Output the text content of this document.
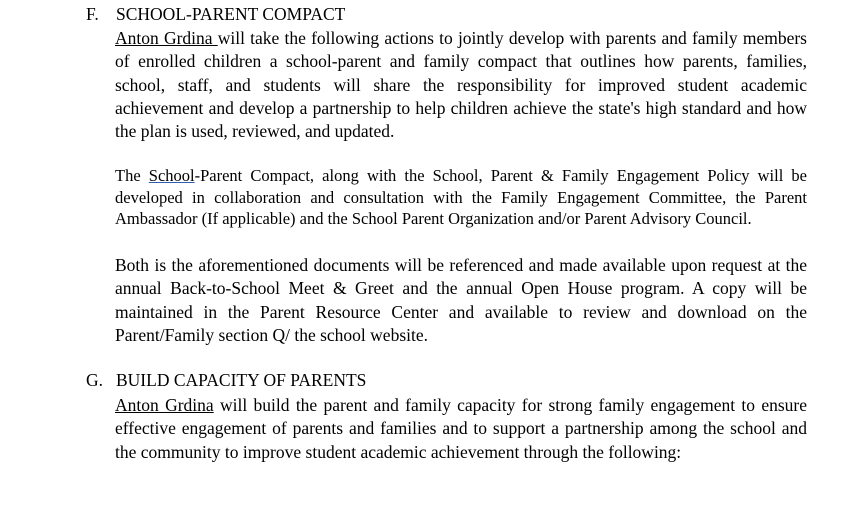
F. SCHOOL-PARENT COMPACT
Anton Grdina will take the following actions to jointly develop with parents and family members of enrolled children a school-parent and family compact that outlines how parents, families, school, staff, and students will share the responsibility for improved student academic achievement and develop a partnership to help children achieve the state's high standard and how the plan is used, reviewed, and updated.
The School-Parent Compact, along with the School, Parent & Family Engagement Policy will be developed in collaboration and consultation with the Family Engagement Committee, the Parent Ambassador (If applicable) and the School Parent Organization and/or Parent Advisory Council.
Both is the aforementioned documents will be referenced and made available upon request at the annual Back-to-School Meet & Greet and the annual Open House program. A copy will be maintained in the Parent Resource Center and available to review and download on the Parent/Family section Q/ the school website.
G. BUILD CAPACITY OF PARENTS
Anton Grdina will build the parent and family capacity for strong family engagement to ensure effective engagement of parents and families and to support a partnership among the school and the community to improve student academic achievement through the following:
